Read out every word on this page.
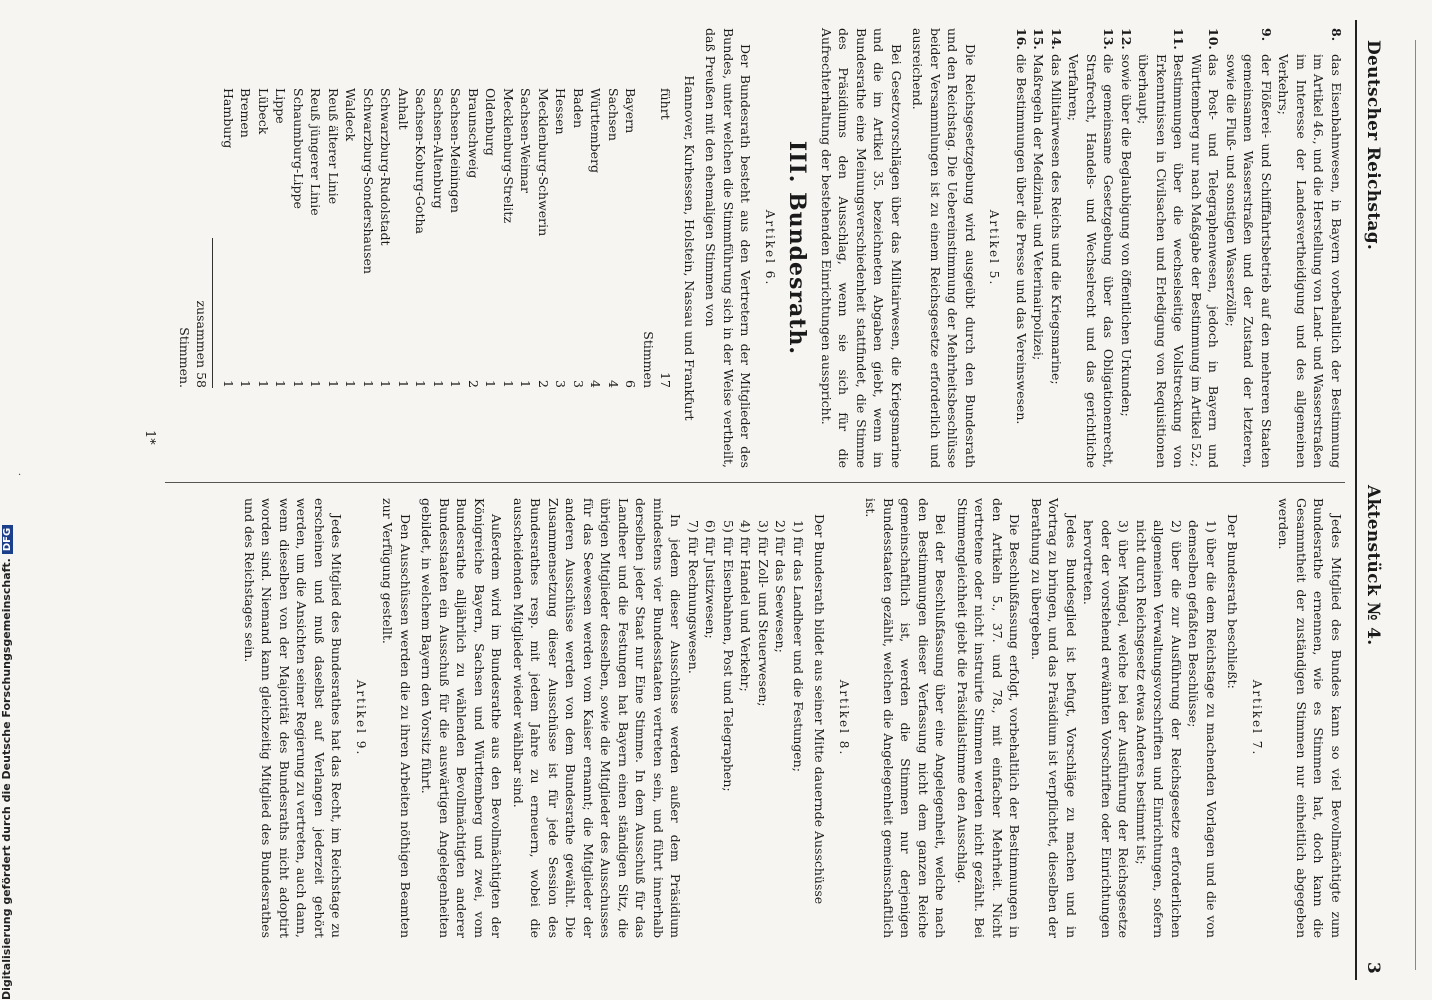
Deutscher Reichstag.
Aktenstück № 4.
3
8.
das Eisenbahnwesen, in Bayern vorbehaltlich der Bestimmung im Artikel 46., und die Herstellung von Land- und Wasserstraßen im Interesse der Landesvertheidigung und des allgemeinen Verkehrs;
9.
der Flößerei- und Schifffahrtsbetrieb auf den mehreren Staaten gemeinsamen Wasserstraßen und der Zustand der letzteren, sowie die Fluß- und sonstigen Wasserzölle;
10.
das Post- und Telegraphenwesen, jedoch in Bayern und Württemberg nur nach Maßgabe der Bestimmung im Artikel 52.;
11.
Bestimmungen über die wechselseitige Vollstreckung von Erkenntnissen in Civilsachen und Erledigung von Requisitionen überhaupt;
12.
sowie über die Beglaubigung von öffentlichen Urkunden;
13.
die gemeinsame Gesetzgebung über das Obligationenrecht, Strafrecht, Handels- und Wechselrecht und das gerichtliche Verfahren;
14.
das Militairwesen des Reichs und die Kriegsmarine;
15.
Maßregeln der Medizinal- und Veterinairpolizei;
16.
die Bestimmungen über die Presse und das Vereinswesen.
Artikel 5.

Die Reichsgesetzgebung wird ausgeübt durch den Bundesrath und den Reichstag. Die Uebereinstimmung der Mehrheitsbeschlüsse beider Versammlungen ist zu einem Reichsgesetze erforderlich und ausreichend.

Bei Gesetzvorschlägen über das Militairwesen, die Kriegsmarine und die im Artikel 35. bezeichneten Abgaben giebt, wenn im Bundesrathe eine Meinungsverschiedenheit stattfindet, die Stimme des Präsidiums den Ausschlag, wenn sie sich für die Aufrechterhaltung der bestehenden Einrichtungen ausspricht.

III. Bundesrath.
Artikel 6.

Der Bundesrath besteht aus den Vertretern der Mitglieder des Bundes, unter welchen die Stimmführung sich in der Weise vertheilt, daß Preußen mit den ehemaligen Stimmen von

Hannover, Kurhessen, Holstein, Nassau und Frankfurt
führt
17 Stimmen
Bayern
6
Sachsen
4
Württemberg
4
Baden
3
Hessen
3
Mecklenburg-Schwerin
2
Sachsen-Weimar
1
Mecklenburg-Strelitz
1
Oldenburg
1
Braunschweig
2
Sachsen-Meiningen
1
Sachsen-Altenburg
1
Sachsen-Koburg-Gotha
1
Anhalt
1
Schwarzburg-Rudolstadt
1
Schwarzburg-Sondershausen
1
Waldeck
1
Reuß älterer Linie
1
Reuß jüngerer Linie
1
Schaumburg-Lippe
1
Lippe
1
Lübeck
1
Bremen
1
Hamburg
1
zusammen 58 Stimmen.

Jedes Mitglied des Bundes kann so viel Bevollmächtigte zum Bundesrathe ernennen, wie es Stimmen hat, doch kann die Gesammtheit der zuständigen Stimmen nur einheitlich abgegeben werden.

Artikel 7.

Der Bundesrath beschließt:

1) über die dem Reichstage zu machenden Vorlagen und die von demselben gefaßten Beschlüsse;
2) über die zur Ausführung der Reichsgesetze erforderlichen allgemeinen Verwaltungsvorschriften und Einrichtungen, sofern nicht durch Reichsgesetz etwas Anderes bestimmt ist;
3) über Mängel, welche bei der Ausführung der Reichsgesetze oder der vorstehend erwähnten Vorschriften oder Einrichtungen hervortreten.

Jedes Bundesglied ist befugt, Vorschläge zu machen und in Vortrag zu bringen, und das Präsidium ist verpflichtet, dieselben der Berathung zu übergeben.

Die Beschlußfassung erfolgt, vorbehaltlich der Bestimmungen in den Artikeln 5., 37. und 78., mit einfacher Mehrheit. Nicht vertretene oder nicht instruirte Stimmen werden nicht gezählt. Bei Stimmengleichheit giebt die Präsidialstimme den Ausschlag.

Bei der Beschlußfassung über eine Angelegenheit, welche nach den Bestimmungen dieser Verfassung nicht dem ganzen Reiche gemeinschaftlich ist, werden die Stimmen nur derjenigen Bundesstaaten gezählt, welchen die Angelegenheit gemeinschaftlich ist.

Artikel 8.

Der Bundesrath bildet aus seiner Mitte dauernde Ausschüsse

1) für das Landheer und die Festungen;
2) für das Seewesen;
3) für Zoll- und Steuerwesen;
4) für Handel und Verkehr;
5) für Eisenbahnen, Post und Telegraphen;
6) für Justizwesen;
7) für Rechnungswesen.

In jedem dieser Ausschüsse werden außer dem Präsidium mindestens vier Bundesstaaten vertreten sein, und führt innerhalb derselben jeder Staat nur Eine Stimme. In dem Ausschuß für das Landheer und die Festungen hat Bayern einen ständigen Sitz, die übrigen Mitglieder desselben, sowie die Mitglieder des Ausschusses für das Seewesen werden vom Kaiser ernannt; die Mitglieder der anderen Ausschüsse werden von dem Bundesrathe gewählt. Die Zusammensetzung dieser Ausschüsse ist für jede Session des Bundesrathes resp. mit jedem Jahre zu erneuern, wobei die ausscheidenden Mitglieder wieder wählbar sind.

Außerdem wird im Bundesrathe aus den Bevollmächtigten der Königreiche Bayern, Sachsen und Württemberg und zwei, vom Bundesrathe alljährlich zu wählenden Bevollmächtigten anderer Bundesstaaten ein Ausschuß für die auswärtigen Angelegenheiten gebildet, in welchem Bayern den Vorsitz führt.

Den Ausschüssen werden die zu ihren Arbeiten nöthigen Beamten zur Verfügung gestellt.

Artikel 9.

Jedes Mitglied des Bundesrathes hat das Recht, im Reichstage zu erscheinen und muß daselbst auf Verlangen jederzeit gehört werden, um die Ansichten seiner Regierung zu vertreten, auch dann, wenn dieselben von der Majorität des Bundesraths nicht adoptirt worden sind. Niemand kann gleichzeitig Mitglied des Bundesrathes und des Reichstages sein.

1*
·
Digitalisierung gefördert durch die Deutsche Forschungsgemeinschaft.DFG
